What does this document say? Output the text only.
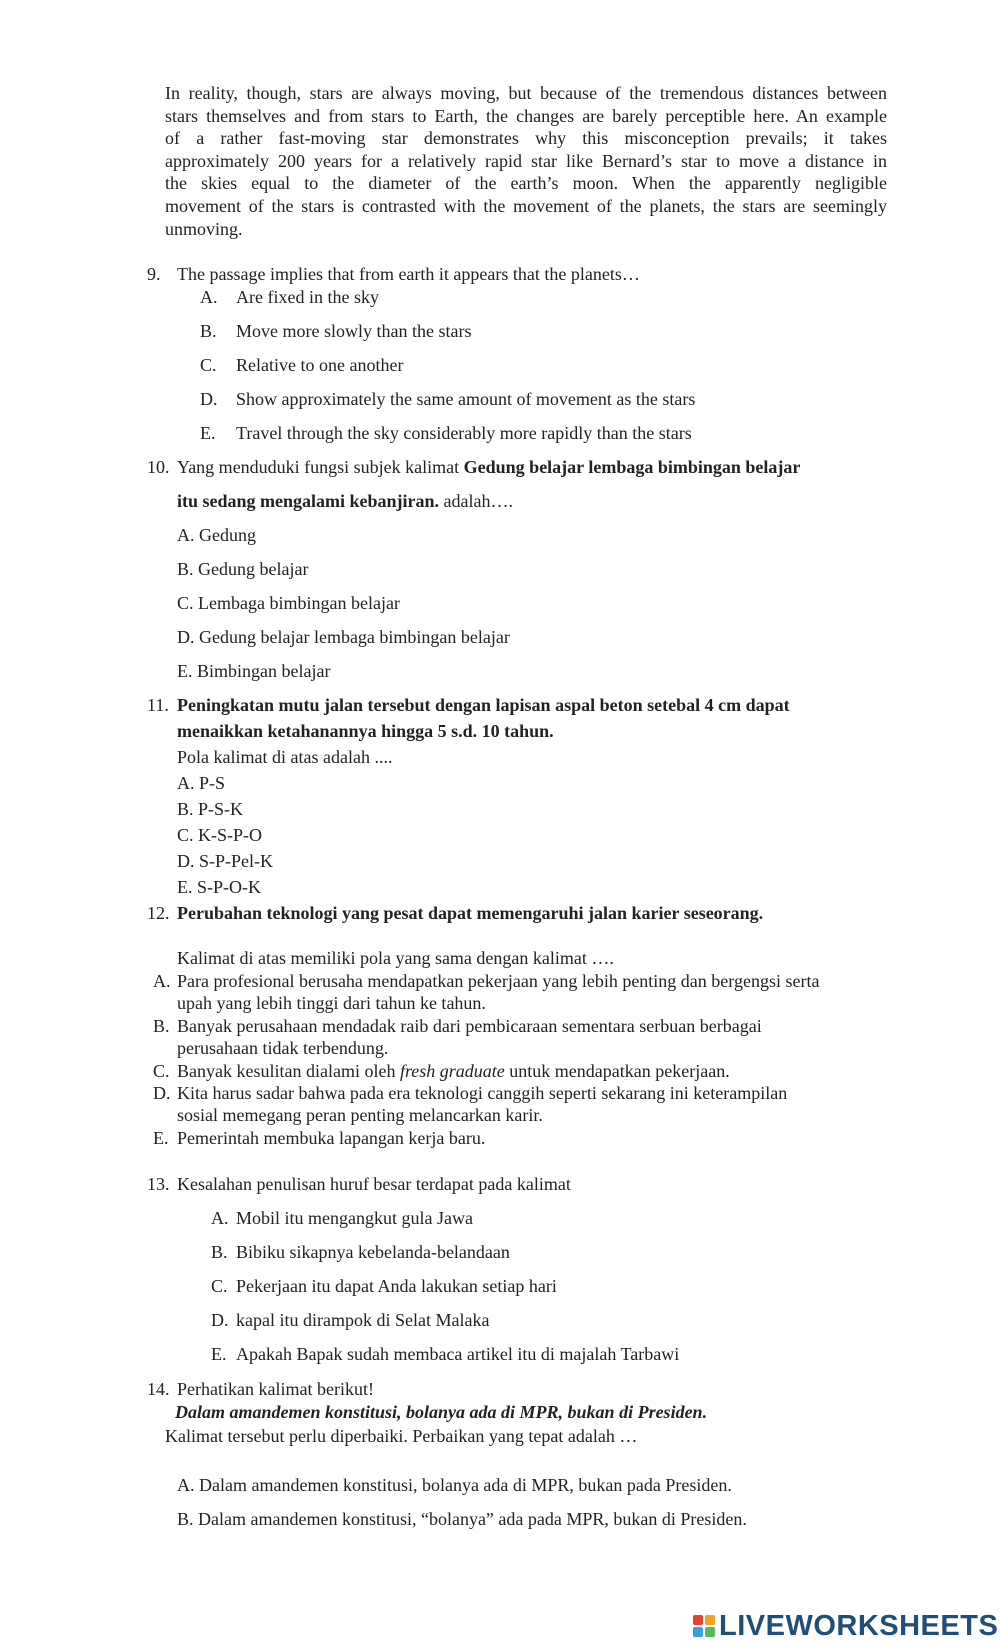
In reality, though, stars are always moving, but because of the tremendous distances between
stars themselves and from stars to Earth, the changes are barely perceptible here. An example
of a rather fast-moving star demonstrates why this misconception prevails; it takes
approximately 200 years for a relatively rapid star like Bernard’s star to move a distance in
the skies equal to the diameter of the earth’s moon. When the apparently negligible
movement of the stars is contrasted with the movement of the planets, the stars are seemingly
unmoving.
9. The passage implies that from earth it appears that the planets…
A. Are fixed in the sky
B. Move more slowly than the stars
C. Relative to one another
D. Show approximately the same amount of movement as the stars
E. Travel through the sky considerably more rapidly than the stars
10. Yang menduduki fungsi subjek kalimat Gedung belajar lembaga bimbingan belajar
itu sedang mengalami kebanjiran. adalah….
A. Gedung
B. Gedung belajar
C. Lembaga bimbingan belajar
D. Gedung belajar lembaga bimbingan belajar
E. Bimbingan belajar
11. Peningkatan mutu jalan tersebut dengan lapisan aspal beton setebal 4 cm dapat
menaikkan ketahanannya hingga 5 s.d. 10 tahun.
Pola kalimat di atas adalah ....
A. P-S
B. P-S-K
C. K-S-P-O
D. S-P-Pel-K
E. S-P-O-K
12. Perubahan teknologi yang pesat dapat memengaruhi jalan karier seseorang.
Kalimat di atas memiliki pola yang sama dengan kalimat ….
A. Para profesional berusaha mendapatkan pekerjaan yang lebih penting dan bergengsi serta
upah yang lebih tinggi dari tahun ke tahun.
B. Banyak perusahaan mendadak raib dari pembicaraan sementara serbuan berbagai
perusahaan tidak terbendung.
C. Banyak kesulitan dialami oleh fresh graduate untuk mendapatkan pekerjaan.
D. Kita harus sadar bahwa pada era teknologi canggih seperti sekarang ini keterampilan
sosial memegang peran penting melancarkan karir.
E. Pemerintah membuka lapangan kerja baru.
13. Kesalahan penulisan huruf besar terdapat pada kalimat
A. Mobil itu mengangkut gula Jawa
B. Bibiku sikapnya kebelanda-belandaan
C. Pekerjaan itu dapat Anda lakukan setiap hari
D. kapal itu dirampok di Selat Malaka
E. Apakah Bapak sudah membaca artikel itu di majalah Tarbawi
14. Perhatikan kalimat berikut!
Dalam amandemen konstitusi, bolanya ada di MPR, bukan di Presiden.
Kalimat tersebut perlu diperbaiki. Perbaikan yang tepat adalah …
A. Dalam amandemen konstitusi, bolanya ada di MPR, bukan pada Presiden.
B. Dalam amandemen konstitusi, “bolanya” ada pada MPR, bukan di Presiden.
LIVEWORKSHEETS
